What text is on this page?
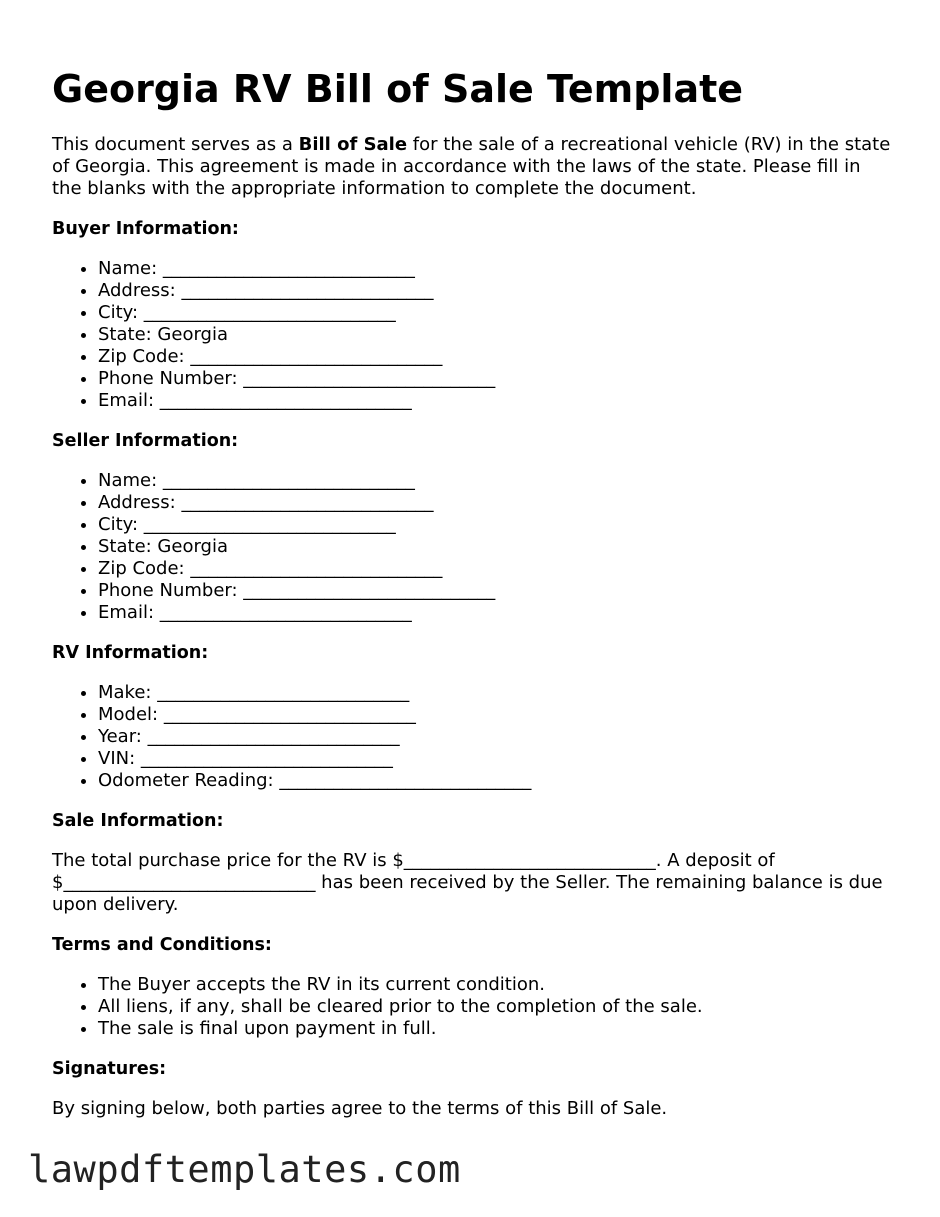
Georgia RV Bill of Sale Template

This document serves as a Bill of Sale for the sale of a recreational vehicle (RV) in the state of Georgia. This agreement is made in accordance with the laws of the state. Please fill in the blanks with the appropriate information to complete the document.

Buyer Information:
• Name: ____________________________
• Address: ____________________________
• City: ____________________________
• State: Georgia
• Zip Code: ____________________________
• Phone Number: ____________________________
• Email: ____________________________
Seller Information:
• Name: ____________________________
• Address: ____________________________
• City: ____________________________
• State: Georgia
• Zip Code: ____________________________
• Phone Number: ____________________________
• Email: ____________________________
RV Information:
• Make: ____________________________
• Model: ____________________________
• Year: ____________________________
• VIN: ____________________________
• Odometer Reading: ____________________________
Sale Information:

The total purchase price for the RV is $____________________________. A deposit of $____________________________ has been received by the Seller. The remaining balance is due upon delivery.

Terms and Conditions:
• The Buyer accepts the RV in its current condition.
• All liens, if any, shall be cleared prior to the completion of the sale.
• The sale is final upon payment in full.
Signatures:

By signing below, both parties agree to the terms of this Bill of Sale.

lawpdftemplates.com
